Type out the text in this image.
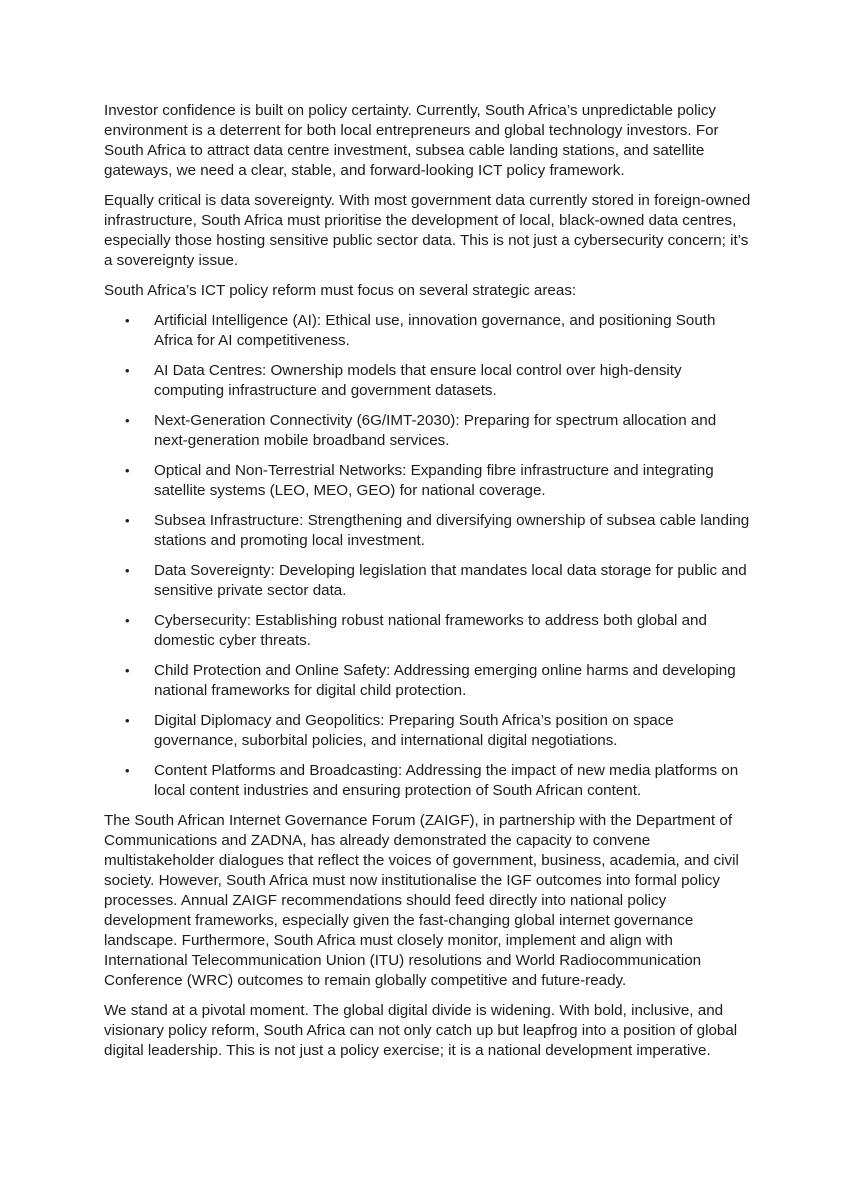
Investor confidence is built on policy certainty. Currently, South Africa’s unpredictable policy environment is a deterrent for both local entrepreneurs and global technology investors. For South Africa to attract data centre investment, subsea cable landing stations, and satellite gateways, we need a clear, stable, and forward-looking ICT policy framework.

Equally critical is data sovereignty. With most government data currently stored in foreign-owned infrastructure, South Africa must prioritise the development of local, black-owned data centres, especially those hosting sensitive public sector data. This is not just a cybersecurity concern; it’s a sovereignty issue.

South Africa’s ICT policy reform must focus on several strategic areas:

• Artificial Intelligence (AI): Ethical use, innovation governance, and positioning South Africa for AI competitiveness.
• AI Data Centres: Ownership models that ensure local control over high-density computing infrastructure and government datasets.
• Next-Generation Connectivity (6G/IMT-2030): Preparing for spectrum allocation and next-generation mobile broadband services.
• Optical and Non-Terrestrial Networks: Expanding fibre infrastructure and integrating satellite systems (LEO, MEO, GEO) for national coverage.
• Subsea Infrastructure: Strengthening and diversifying ownership of subsea cable landing stations and promoting local investment.
• Data Sovereignty: Developing legislation that mandates local data storage for public and sensitive private sector data.
• Cybersecurity: Establishing robust national frameworks to address both global and domestic cyber threats.
• Child Protection and Online Safety: Addressing emerging online harms and developing national frameworks for digital child protection.
• Digital Diplomacy and Geopolitics: Preparing South Africa’s position on space governance, suborbital policies, and international digital negotiations.
• Content Platforms and Broadcasting: Addressing the impact of new media platforms on local content industries and ensuring protection of South African content.

The South African Internet Governance Forum (ZAIGF), in partnership with the Department of Communications and ZADNA, has already demonstrated the capacity to convene multistakeholder dialogues that reflect the voices of government, business, academia, and civil society. However, South Africa must now institutionalise the IGF outcomes into formal policy processes. Annual ZAIGF recommendations should feed directly into national policy development frameworks, especially given the fast-changing global internet governance landscape. Furthermore, South Africa must closely monitor, implement and align with International Telecommunication Union (ITU) resolutions and World Radiocommunication Conference (WRC) outcomes to remain globally competitive and future-ready.

We stand at a pivotal moment. The global digital divide is widening. With bold, inclusive, and visionary policy reform, South Africa can not only catch up but leapfrog into a position of global digital leadership. This is not just a policy exercise; it is a national development imperative.
